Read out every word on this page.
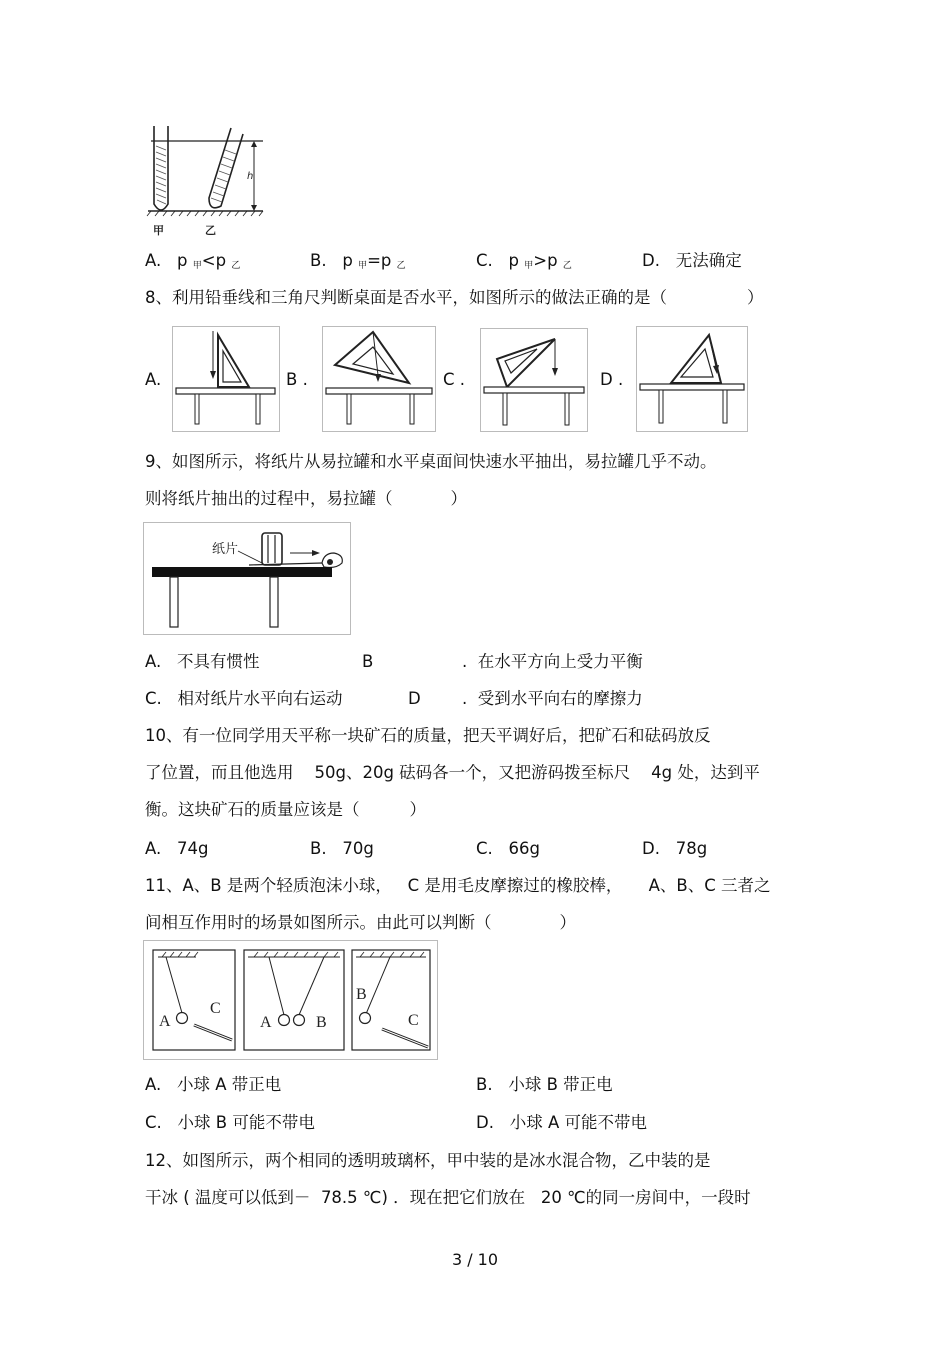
h
甲	乙
A. p $_甲$<p $_乙$	B. p $_甲$=p $_乙$	C. p $_甲$>p $_乙$	D. 无法确定
8、利用铅垂线和三角尺判断桌面是否水平，如图所示的做法正确的是（	）
A.	B .	C .	D .
9、如图所示，将纸片从易拉罐和水平桌面间快速水平抽出，易拉罐几乎不动。
则将纸片抽出的过程中，易拉罐（	）
纸片
A. 不具有惯性	B	. 在水平方向上受力平衡
C. 相对纸片水平向右运动	D	. 受到水平向右的摩擦力
10、有一位同学用天平称一块矿石的质量，把天平调好后，把矿石和砝码放反
了位置，而且他选用 50g、20g 砝码各一个，又把游码拨至标尺 4g 处，达到平
衡。这块矿石的质量应该是（	）
A. 74g	B. 70g	C. 66g	D. 78g
11、A、B 是两个轻质泡沫小球， C 是用毛皮摩擦过的橡胶棒， A、B、C 三者之
间相互作用时的场景如图所示。由此可以判断（	）
A
C
A	B
B
C
A. 小球 A 带正电	B. 小球 B 带正电
C. 小球 B 可能不带电	D. 小球 A 可能不带电
12、如图所示，两个相同的透明玻璃杯，甲中装的是冰水混合物，乙中装的是
干冰 ( 温度可以低到－ 78.5 ℃) ．现在把它们放在 20 ℃的同一房间中，一段时
3 / 10
